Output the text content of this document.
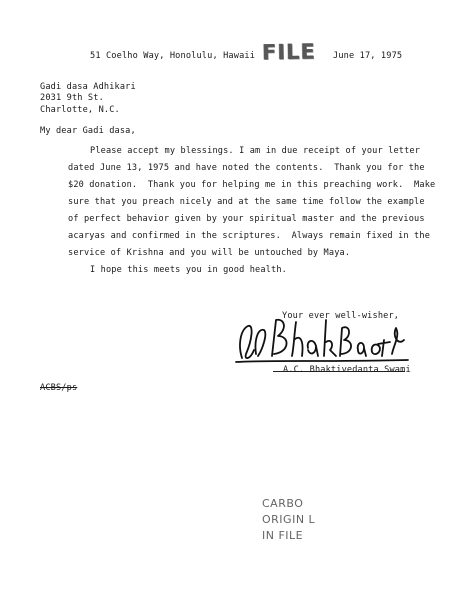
51 Coelho Way, Honolulu, Hawaii FILE June 17, 1975
Gadi dasa Adhikari
2031 9th St.
Charlotte, N.C.
My dear Gadi dasa,
Please accept my blessings. I am in due receipt of your letter
dated June 13, 1975 and have noted the contents.  Thank you for the
$20 donation.  Thank you for helping me in this preaching work.  Make
sure that you preach nicely and at the same time follow the example
of perfect behavior given by your spiritual master and the previous
acaryas and confirmed in the scriptures.  Always remain fixed in the
service of Krishna and you will be untouched by Maya.
I hope this meets you in good health.
Your ever well-wisher,
A.C. Bhaktivedanta Swami
ACBS/ps
CARBO
ORIGIN L
IN FILE
